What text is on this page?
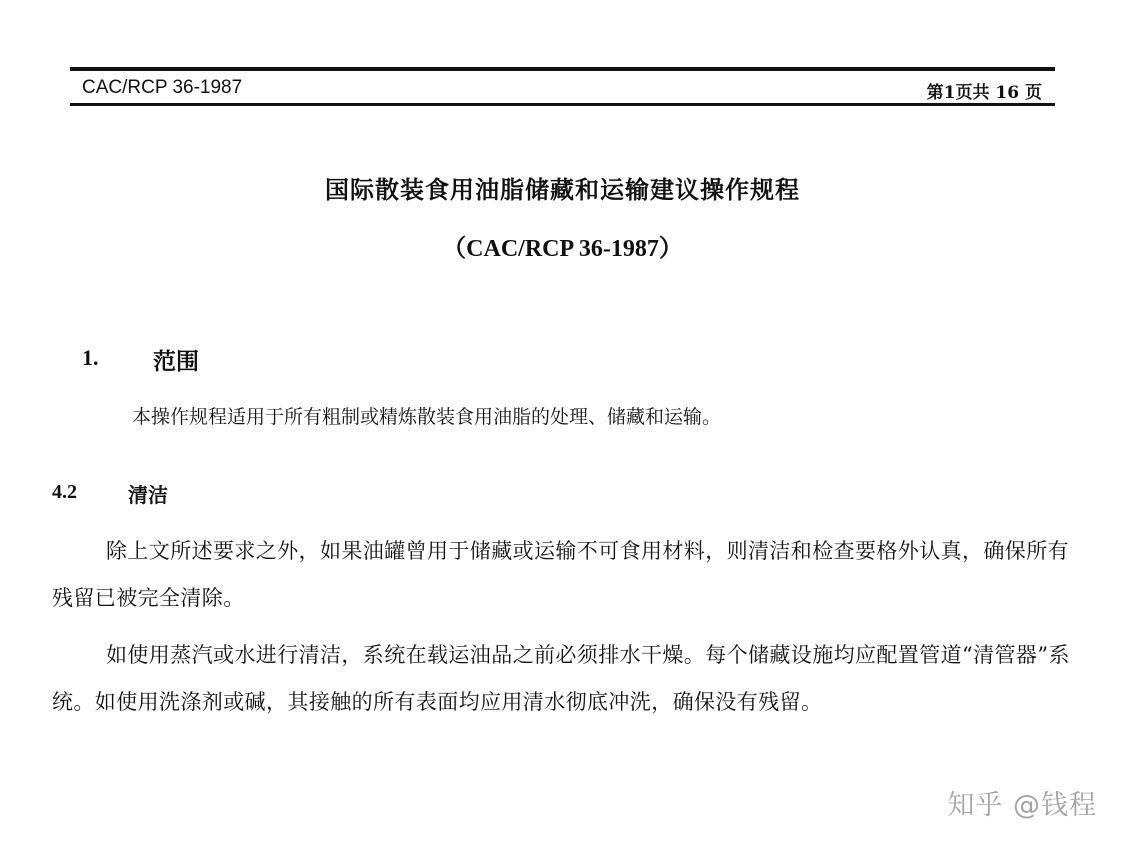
CAC/RCP 36-1987	第1页共 16 页
国际散装食用油脂储藏和运输建议操作规程
（CAC/RCP 36-1987）
1. 范围
本操作规程适用于所有粗制或精炼散装食用油脂的处理、储藏和运输。
4.2	清洁

除上文所述要求之外，如果油罐曾用于储藏或运输不可食用材料，则清洁和检查要格外认真，确保所有残留已被完全清除。

如使用蒸汽或水进行清洁，系统在载运油品之前必须排水干燥。每个储藏设施均应配置管道“清管器”系统。如使用洗涤剂或碱，其接触的所有表面均应用清水彻底冲洗，确保没有残留。

知乎 @钱程
